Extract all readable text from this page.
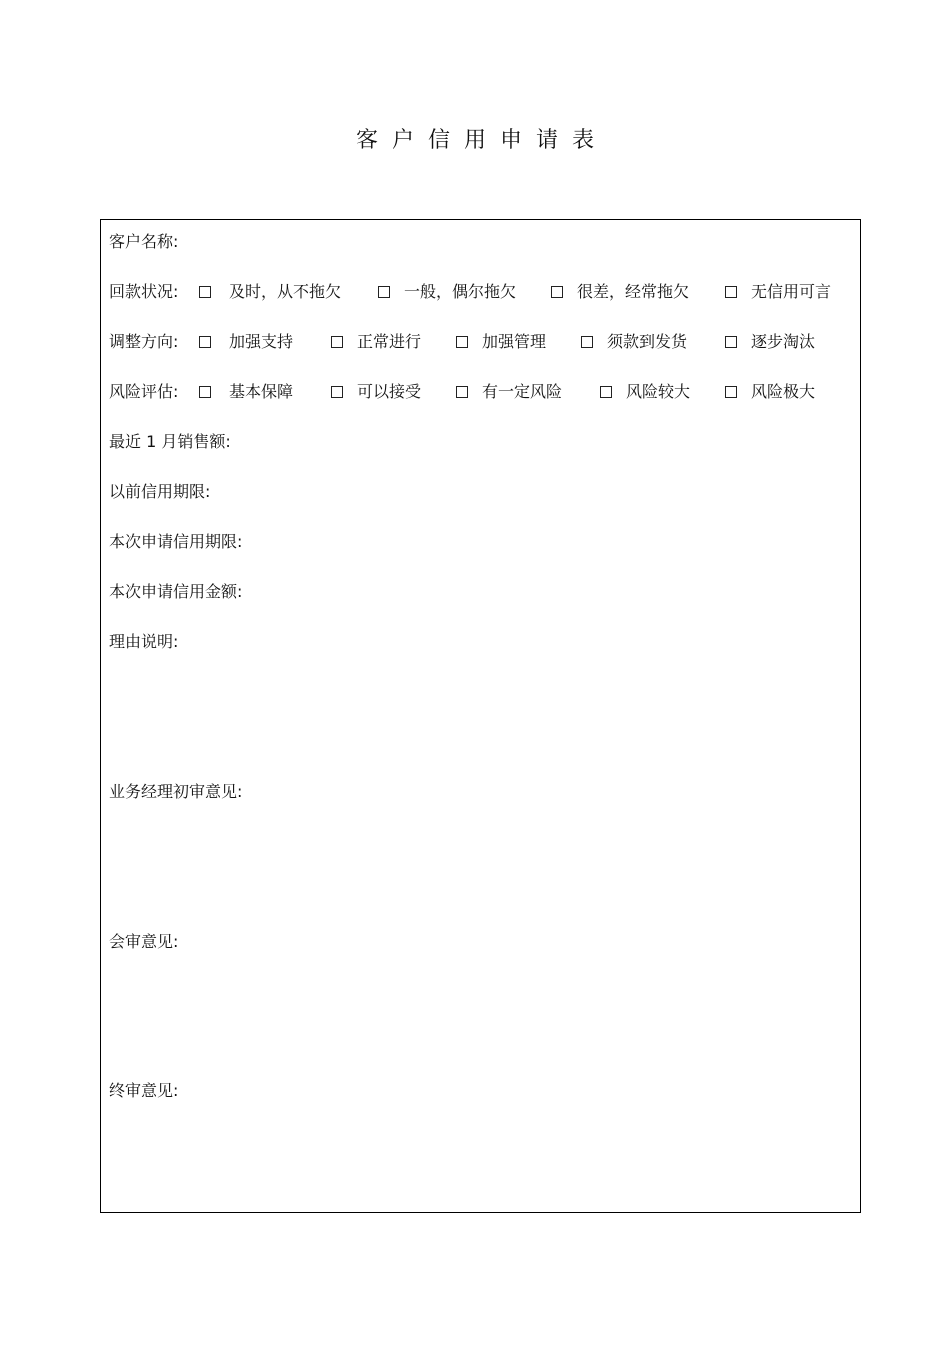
客户信用申请表
客户名称:
回款状况:	及时，从不拖欠	一般，偶尔拖欠	很差，经常拖欠	无信用可言
调整方向:	加强支持	正常进行	加强管理	须款到发货	逐步淘汰
风险评估:	基本保障	可以接受	有一定风险	风险较大	风险极大
最近 1 月销售额:
以前信用期限:
本次申请信用期限:
本次申请信用金额:
理由说明:
业务经理初审意见:
会审意见:
终审意见:
